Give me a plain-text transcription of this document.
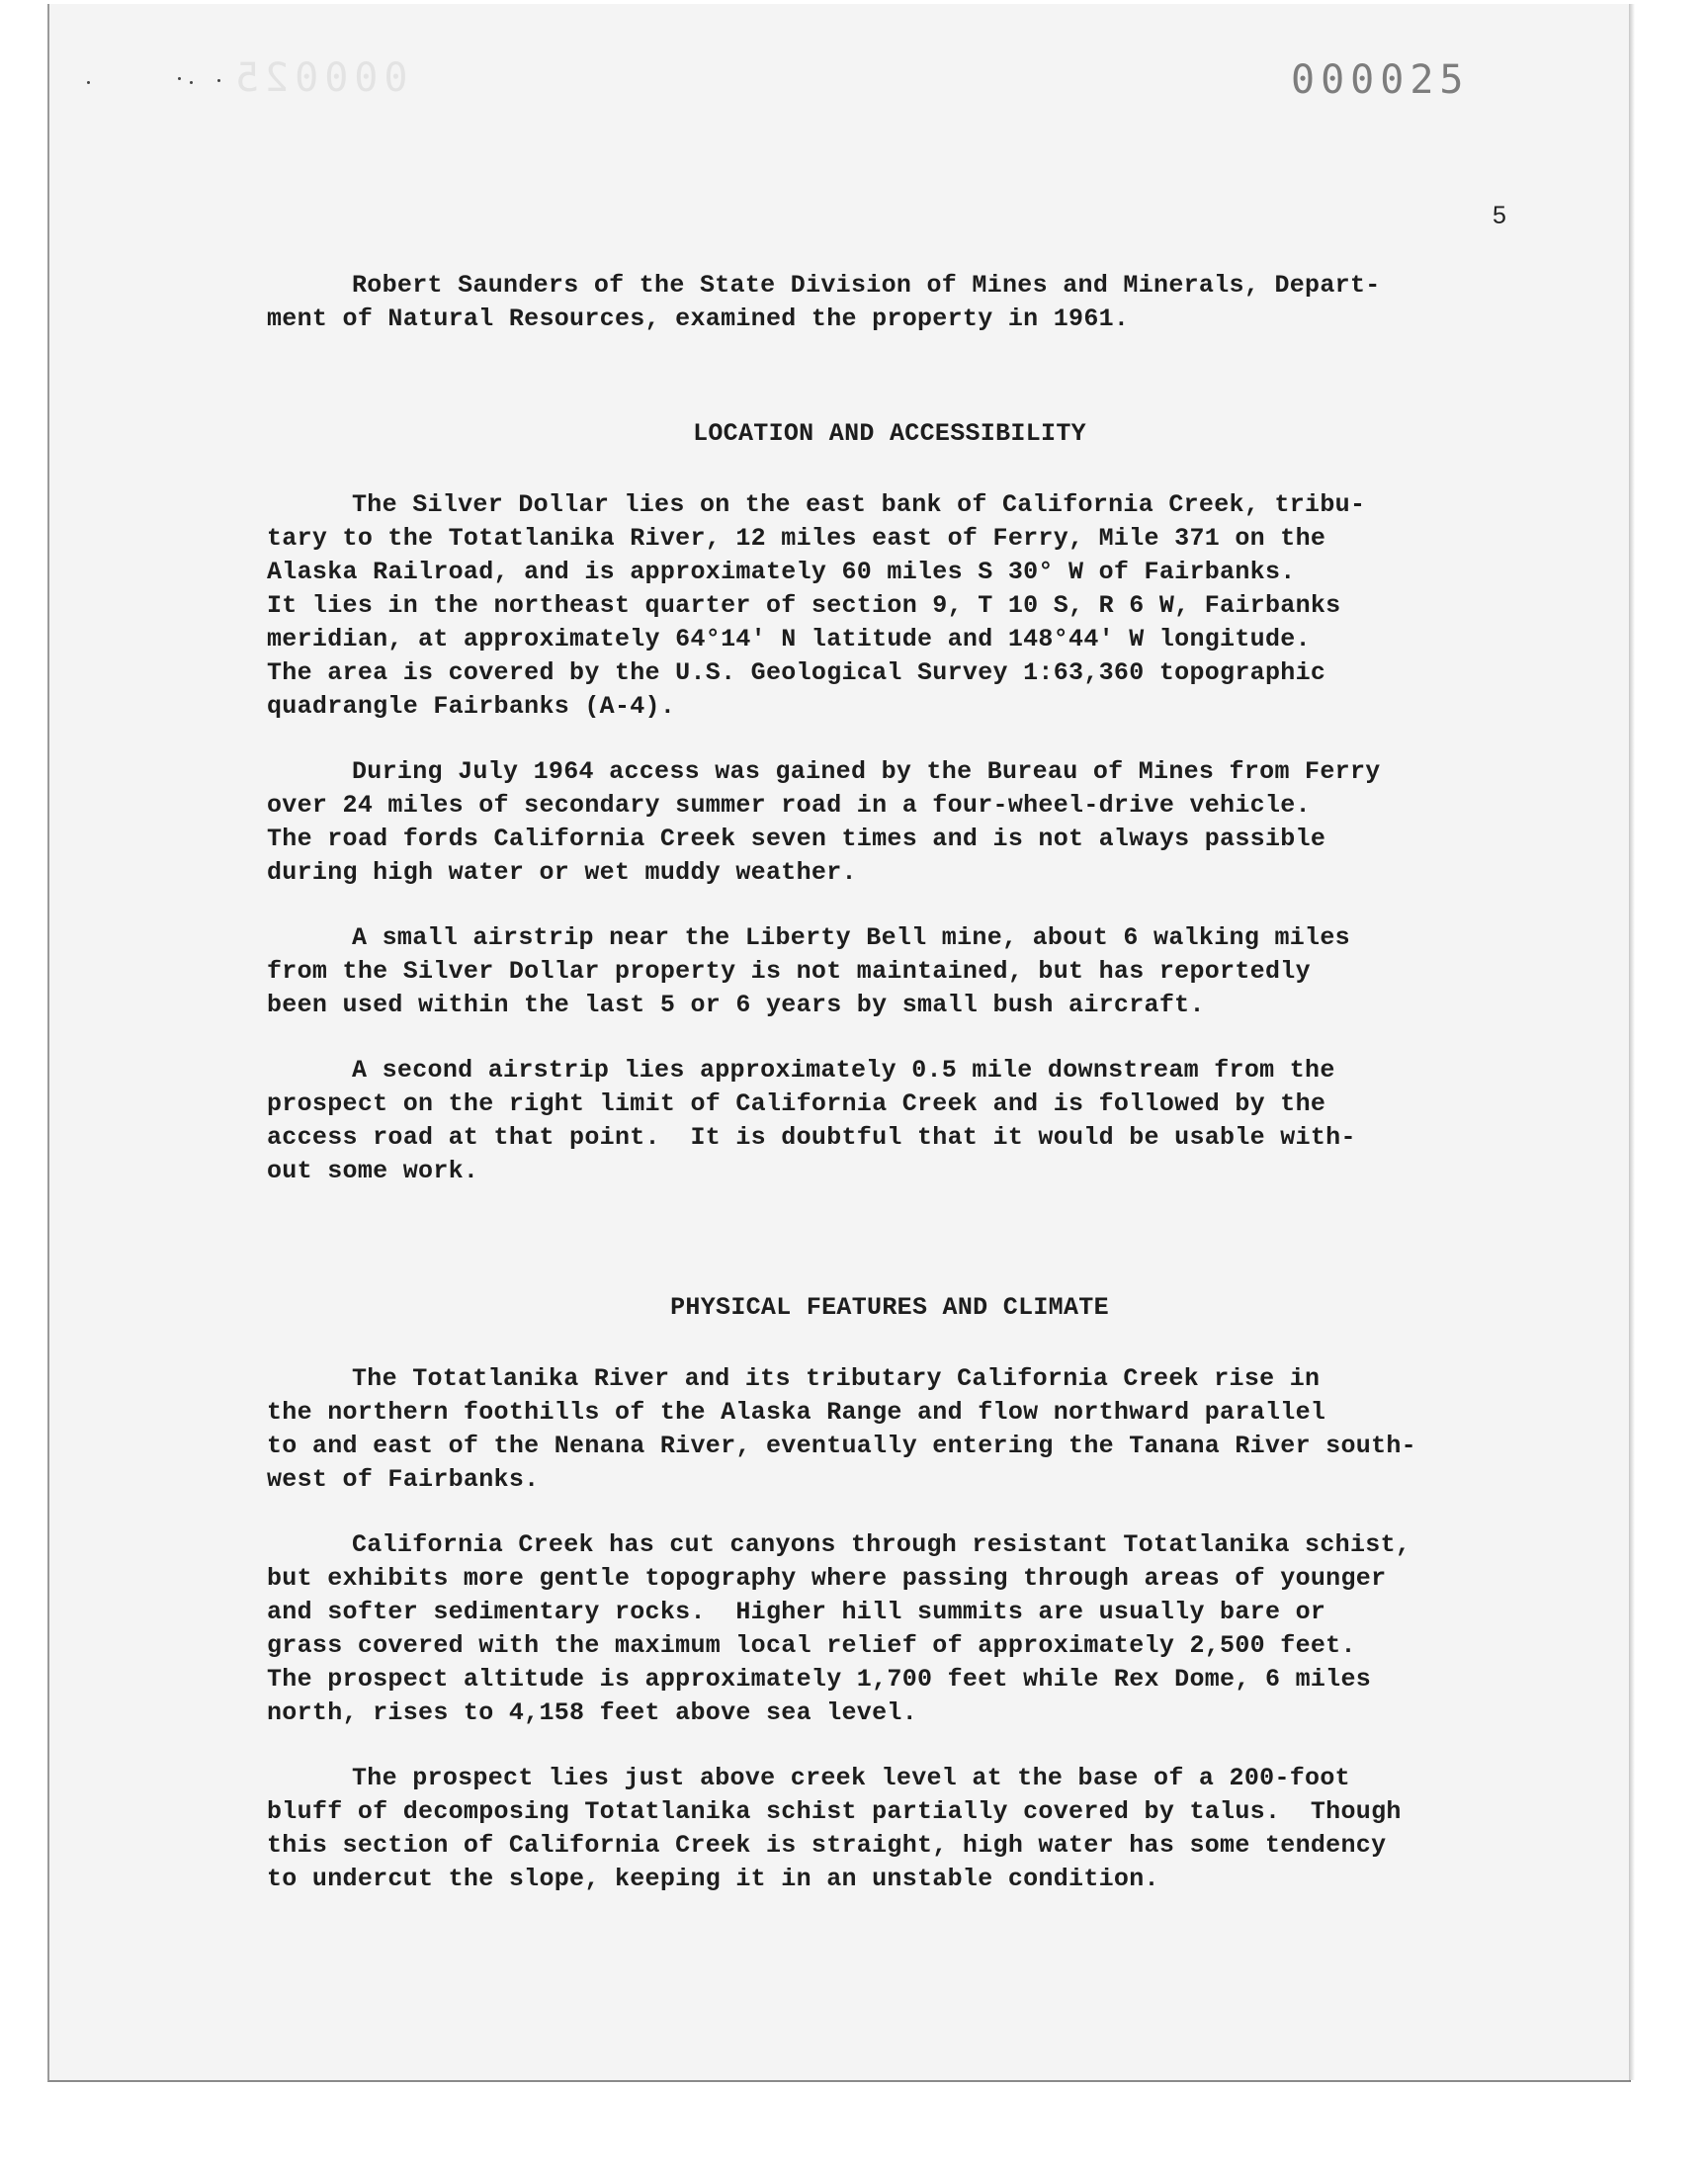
000025	000025
5

Robert Saunders of the State Division of Mines and Minerals, Depart-
ment of Natural Resources, examined the property in 1961.

LOCATION AND ACCESSIBILITY

The Silver Dollar lies on the east bank of California Creek, tribu-
tary to the Totatlanika River, 12 miles east of Ferry, Mile 371 on the
Alaska Railroad, and is approximately 60 miles S 30° W of Fairbanks.
It lies in the northeast quarter of section 9, T 10 S, R 6 W, Fairbanks
meridian, at approximately 64°14' N latitude and 148°44' W longitude.
The area is covered by the U.S. Geological Survey 1:63,360 topographic
quadrangle Fairbanks (A-4).

During July 1964 access was gained by the Bureau of Mines from Ferry
over 24 miles of secondary summer road in a four-wheel-drive vehicle.
The road fords California Creek seven times and is not always passible
during high water or wet muddy weather.

A small airstrip near the Liberty Bell mine, about 6 walking miles
from the Silver Dollar property is not maintained, but has reportedly
been used within the last 5 or 6 years by small bush aircraft.

A second airstrip lies approximately 0.5 mile downstream from the
prospect on the right limit of California Creek and is followed by the
access road at that point.  It is doubtful that it would be usable with-
out some work.

PHYSICAL FEATURES AND CLIMATE

The Totatlanika River and its tributary California Creek rise in
the northern foothills of the Alaska Range and flow northward parallel
to and east of the Nenana River, eventually entering the Tanana River south-
west of Fairbanks.

California Creek has cut canyons through resistant Totatlanika schist,
but exhibits more gentle topography where passing through areas of younger
and softer sedimentary rocks.  Higher hill summits are usually bare or
grass covered with the maximum local relief of approximately 2,500 feet.
The prospect altitude is approximately 1,700 feet while Rex Dome, 6 miles
north, rises to 4,158 feet above sea level.

The prospect lies just above creek level at the base of a 200-foot
bluff of decomposing Totatlanika schist partially covered by talus.  Though
this section of California Creek is straight, high water has some tendency
to undercut the slope, keeping it in an unstable condition.
